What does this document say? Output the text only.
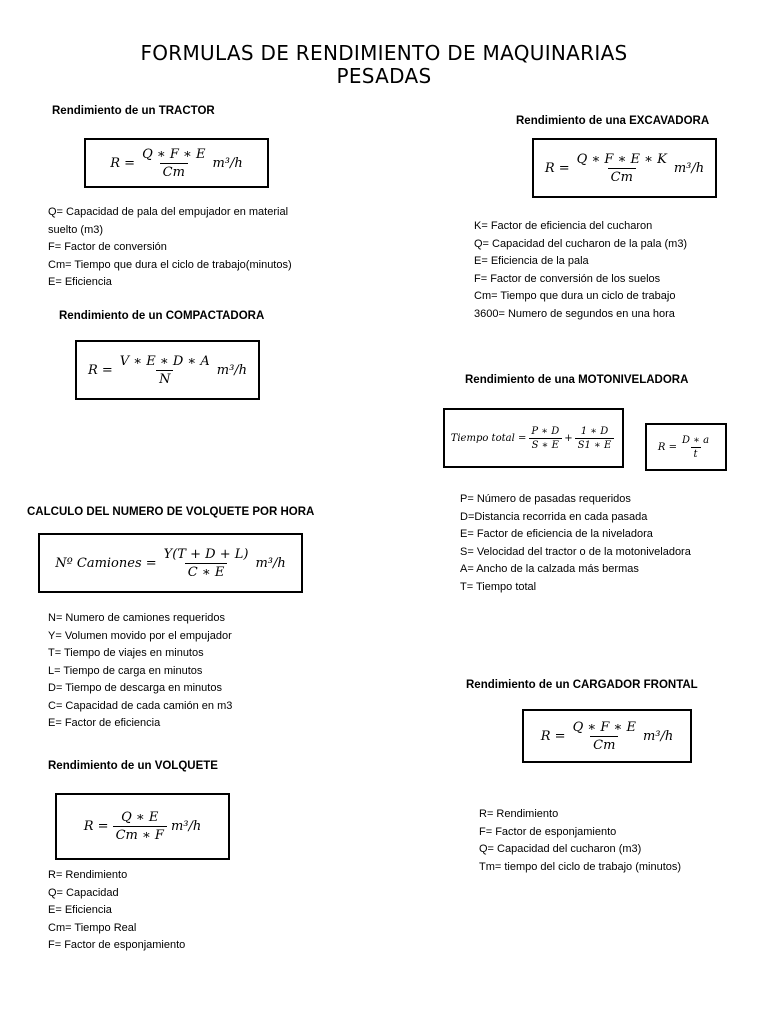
FORMULAS DE RENDIMIENTO DE MAQUINARIAS
PESADAS
Rendimiento de un TRACTOR
$R = \frac{Q ∗ F ∗ E}{Cm} m^3/h$
Q= Capacidad de pala del empujador en material suelto (m3)
F= Factor de conversión
Cm= Tiempo que dura el ciclo de trabajo(minutos)
E= Eficiencia
Rendimiento de un COMPACTADORA
$R = \frac{V ∗ E ∗ D ∗ A}{N} m^3/h$
CALCULO DEL NUMERO DE VOLQUETE POR HORA
Nº Camiones = $\frac{Y(T + D + L)}{C ∗ E} m^3/h$
N= Numero de camiones requeridos
Y= Volumen movido por el empujador
T= Tiempo de viajes en minutos
L= Tiempo de carga en minutos
D= Tiempo de descarga en minutos
C= Capacidad de cada camión en m3
E= Factor de eficiencia
Rendimiento de un VOLQUETE
$R = \frac{Q ∗ E}{Cm ∗ F} m^3/h$
R= Rendimiento
Q= Capacidad
E= Eficiencia
Cm= Tiempo Real
F= Factor de esponjamiento
Rendimiento de una EXCAVADORA
$R = \frac{Q ∗ F ∗ E ∗ K}{Cm} m^3/h$
K= Factor de eficiencia del cucharon
Q= Capacidad del cucharon de la pala (m3)
E= Eficiencia de la pala
F= Factor de conversión de los suelos
Cm= Tiempo que dura un ciclo de trabajo
3600= Numero de segundos en una hora
Rendimiento de una MOTONIVELADORA
Tiempo total = $\frac{P ∗ D}{S ∗ E} + \frac{1 ∗ D}{S1 ∗ E}$	$R = \frac{D ∗ a}{t}$
P= Número de pasadas requeridos
D=Distancia recorrida en cada pasada
E= Factor de eficiencia de la niveladora
S= Velocidad del tractor o de la motoniveladora
A= Ancho de la calzada más bermas
T= Tiempo total
Rendimiento de un CARGADOR FRONTAL
$R = \frac{Q ∗ F ∗ E}{Cm} m^3/h$
R= Rendimiento
F= Factor de esponjamiento
Q= Capacidad del cucharon (m3)
Tm= tiempo del ciclo de trabajo (minutos)
